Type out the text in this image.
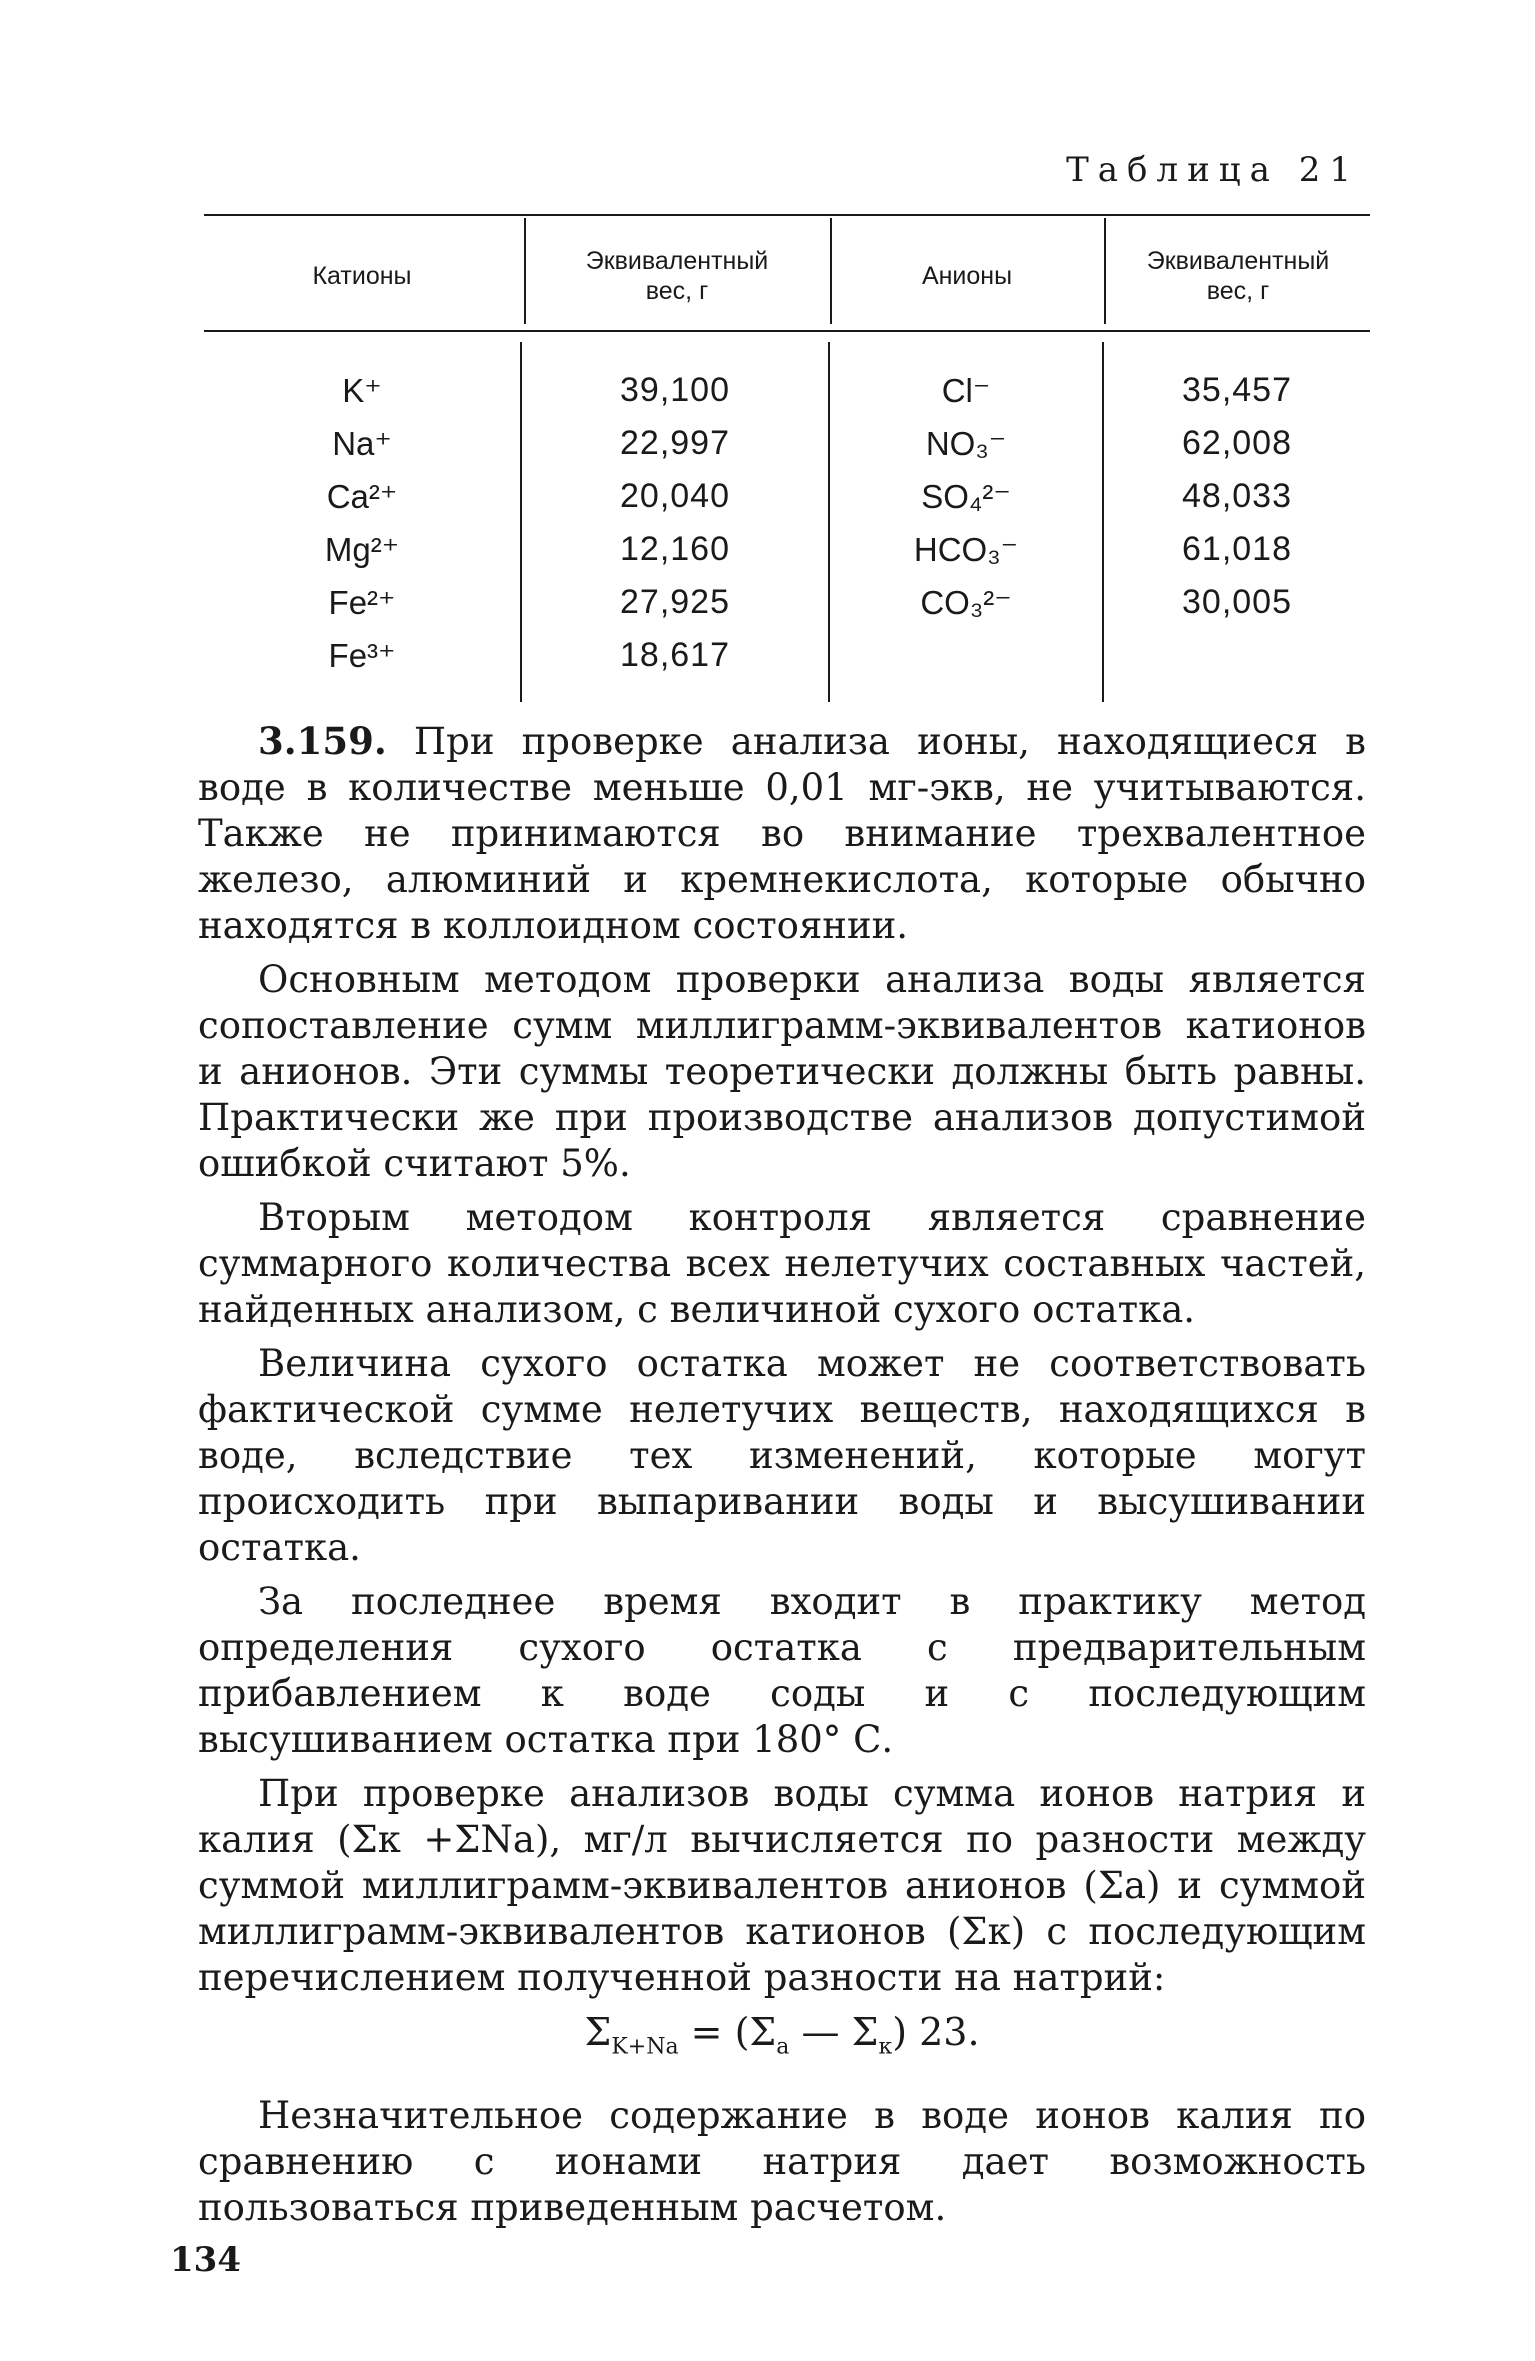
Таблица 21
Катионы
Эквивалентный
вес, г
Анионы
Эквивалентный
вес, г
K⁺
Na⁺
Ca²⁺
Mg²⁺
Fe²⁺
Fe³⁺
39,100
22,997
20,040
12,160
27,925
18,617
Cl⁻
NO₃⁻
SO₄²⁻
HCO₃⁻
CO₃²⁻
35,457
62,008
48,033
61,018
30,005

3.159. При проверке анализа ионы, находящиеся в воде в количестве меньше 0,01 мг-экв, не учитываются. Также не принимаются во внимание трехвалентное железо, алюминий и кремнекислота, которые обычно находятся в коллоидном состоянии.

Основным методом проверки анализа воды является сопоставление сумм миллиграмм-эквивалентов катионов и анионов. Эти суммы теоретически должны быть равны. Практически же при производстве анализов допустимой ошибкой считают 5%.

Вторым методом контроля является сравнение суммарного количества всех нелетучих составных частей, найденных анализом, с величиной сухого остатка.

Величина сухого остатка может не соответствовать фактической сумме нелетучих веществ, находящихся в воде, вследствие тех изменений, которые могут происходить при выпаривании воды и высушивании остатка.

За последнее время входит в практику метод определения сухого остатка с предварительным прибавлением к воде соды и с последующим высушиванием остатка при 180° С.

При проверке анализов воды сумма ионов натрия и калия (Σк +ΣNa), мг/л вычисляется по разности между суммой миллиграмм-эквивалентов анионов (Σа) и суммой миллиграмм-эквивалентов катионов (Σк) с последующим перечислением полученной разности на натрий:

$\Sigma_{K+Na} = (\Sigma_а$ — $\Sigma_к$) 23.

Незначительное содержание в воде ионов калия по сравнению с ионами натрия дает возможность пользоваться приведенным расчетом.

134
